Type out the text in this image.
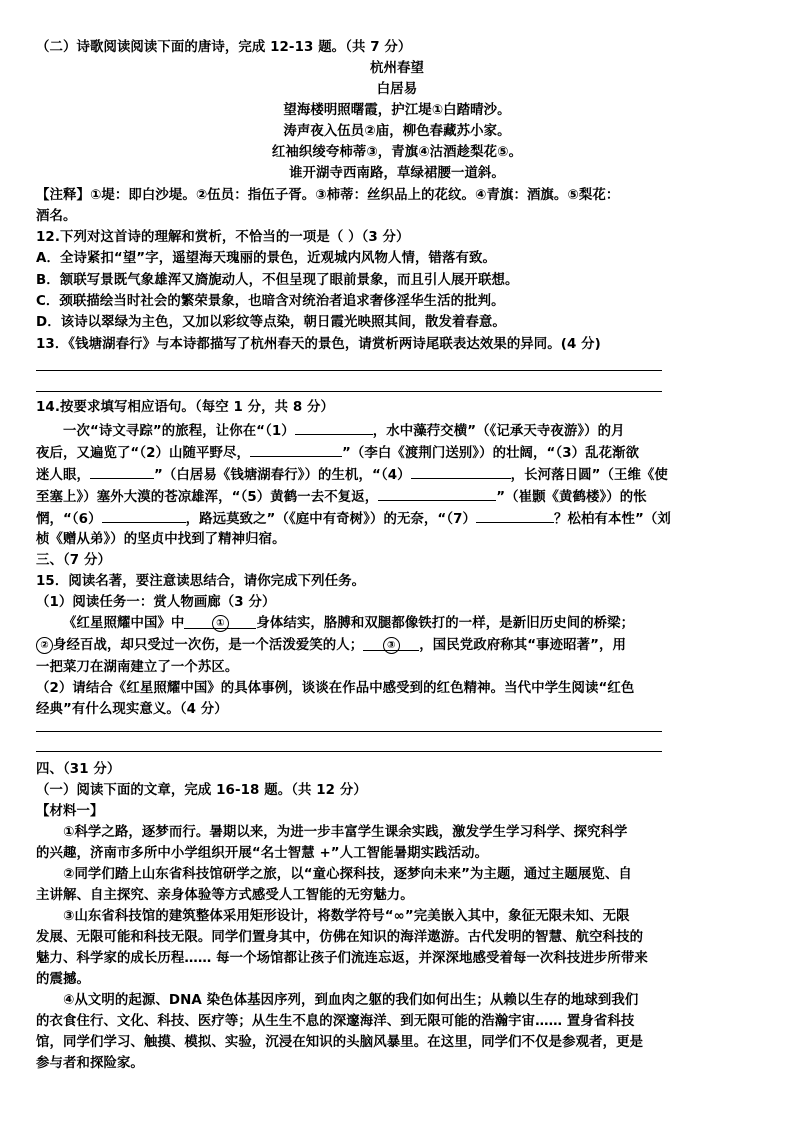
（二）诗歌阅读阅读下面的唐诗，完成 12-13 题。（共 7 分）
杭州春望
白居易
望海楼明照曙霞，护江堤①白踏晴沙。
涛声夜入伍员②庙，柳色春藏苏小家。
红袖织绫夸柿蒂③，青旗④沽酒趁梨花⑤。
谁开湖寺西南路，草绿裙腰一道斜。
【注释】①堤：即白沙堤。②伍员：指伍子胥。③柿蒂：丝织品上的花纹。④青旗：酒旗。⑤梨花：
酒名。
12.下列对这首诗的理解和赏析，不恰当的一项是（ ）（3 分）
A．全诗紧扣“望”字，遥望海天瑰丽的景色，近观城内风物人情，错落有致。
B．颔联写景既气象雄浑又旖旎动人，不但呈现了眼前景象，而且引人展开联想。
C．颈联描绘当时社会的繁荣景象，也暗含对统治者追求奢侈淫华生活的批判。
D．该诗以翠绿为主色，又加以彩纹等点染，朝日霞光映照其间，散发着春意。
13．《钱塘湖春行》与本诗都描写了杭州春天的景色，请赏析两诗尾联表达效果的异同。(4 分)
14.按要求填写相应语句。（每空 1 分，共 8 分）
一次“诗文寻踪”的旅程，让你在“（1）	，水中藻荇交横”（《记承天寺夜游》）的月
夜后，又遍览了“（2）山随平野尽，	”（李白《渡荆门送别》）的壮阔，“（3）乱花渐欲
迷人眼，	”（白居易《钱塘湖春行》）的生机，“（4）	，长河落日圆”（王维《使
至塞上》）塞外大漠的苍凉雄浑，“（5）黄鹤一去不复返，	”（崔颢《黄鹤楼》）的怅
惘，“（6）	，路远莫致之”（《庭中有奇树》）的无奈，“（7）	？松柏有本性”（刘
桢《赠从弟》）的坚贞中找到了精神归宿。
三、（7 分）
15．阅读名著，要注意读思结合，请你完成下列任务。
（1）阅读任务一：赏人物画廊（3 分）
《红星照耀中国》中	① 身体结实，胳膊和双腿都像铁打的一样，是新旧历史间的桥梁；
② 身经百战，却只受过一次伤，是一个活泼爱笑的人； ③ ，国民党政府称其“事迹昭著”，用
一把菜刀在湖南建立了一个苏区。
（2）请结合《红星照耀中国》的具体事例，谈谈在作品中感受到的红色精神。当代中学生阅读“红色
经典”有什么现实意义。（4 分）
四、（31 分）
（一）阅读下面的文章，完成 16-18 题。（共 12 分）
【材料一】
①科学之路，逐梦而行。暑期以来，为进一步丰富学生课余实践，激发学生学习科学、探究科学
的兴趣，济南市多所中小学组织开展“名士智慧 +”人工智能暑期实践活动。
②同学们踏上山东省科技馆研学之旅，以“童心探科技，逐梦向未来”为主题，通过主题展览、自
主讲解、自主探究、亲身体验等方式感受人工智能的无穷魅力。
③山东省科技馆的建筑整体采用矩形设计，将数学符号“∞”完美嵌入其中，象征无限未知、无限
发展、无限可能和科技无限。同学们置身其中，仿佛在知识的海洋遨游。古代发明的智慧、航空科技的
魅力、科学家的成长历程…… 每一个场馆都让孩子们流连忘返，并深深地感受着每一次科技进步所带来
的震撼。
④从文明的起源、DNA 染色体基因序列，到血肉之躯的我们如何出生；从赖以生存的地球到我们
的衣食住行、文化、科技、医疗等；从生生不息的深邃海洋、到无限可能的浩瀚宇宙…… 置身省科技
馆，同学们学习、触摸、模拟、实验，沉浸在知识的头脑风暴里。在这里，同学们不仅是参观者，更是
参与者和探险家。
